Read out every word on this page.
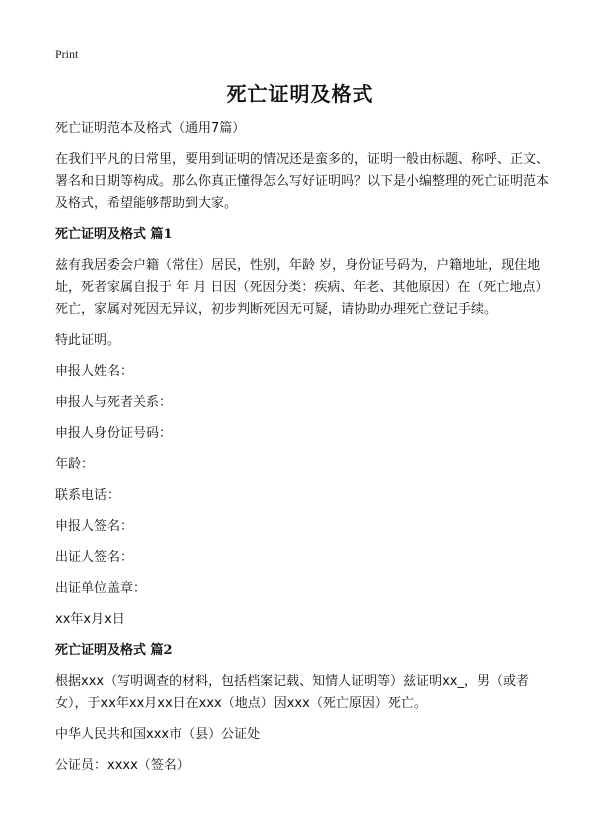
Print
死亡证明及格式

死亡证明范本及格式（通用7篇）

在我们平凡的日常里，要用到证明的情况还是蛮多的，证明一般由标题、称呼、正文、署名和日期等构成。那么你真正懂得怎么写好证明吗？以下是小编整理的死亡证明范本及格式，希望能够帮助到大家。

死亡证明及格式 篇1

兹有我居委会户籍（常住）居民，性别，年龄 岁，身份证号码为，户籍地址，现住地址，死者家属自报于 年 月 日因（死因分类：疾病、年老、其他原因）在（死亡地点）死亡，家属对死因无异议，初步判断死因无可疑，请协助办理死亡登记手续。

特此证明。

申报人姓名：

申报人与死者关系：

申报人身份证号码：

年龄：

联系电话：

申报人签名：

出证人签名：

出证单位盖章：

xx年x月x日

死亡证明及格式 篇2

根据xxx（写明调查的材料，包括档案记载、知情人证明等）兹证明xx_，男（或者女），于xx年xx月xx日在xxx（地点）因xxx（死亡原因）死亡。

中华人民共和国xxx市（县）公证处

公证员：xxxx（签名）
